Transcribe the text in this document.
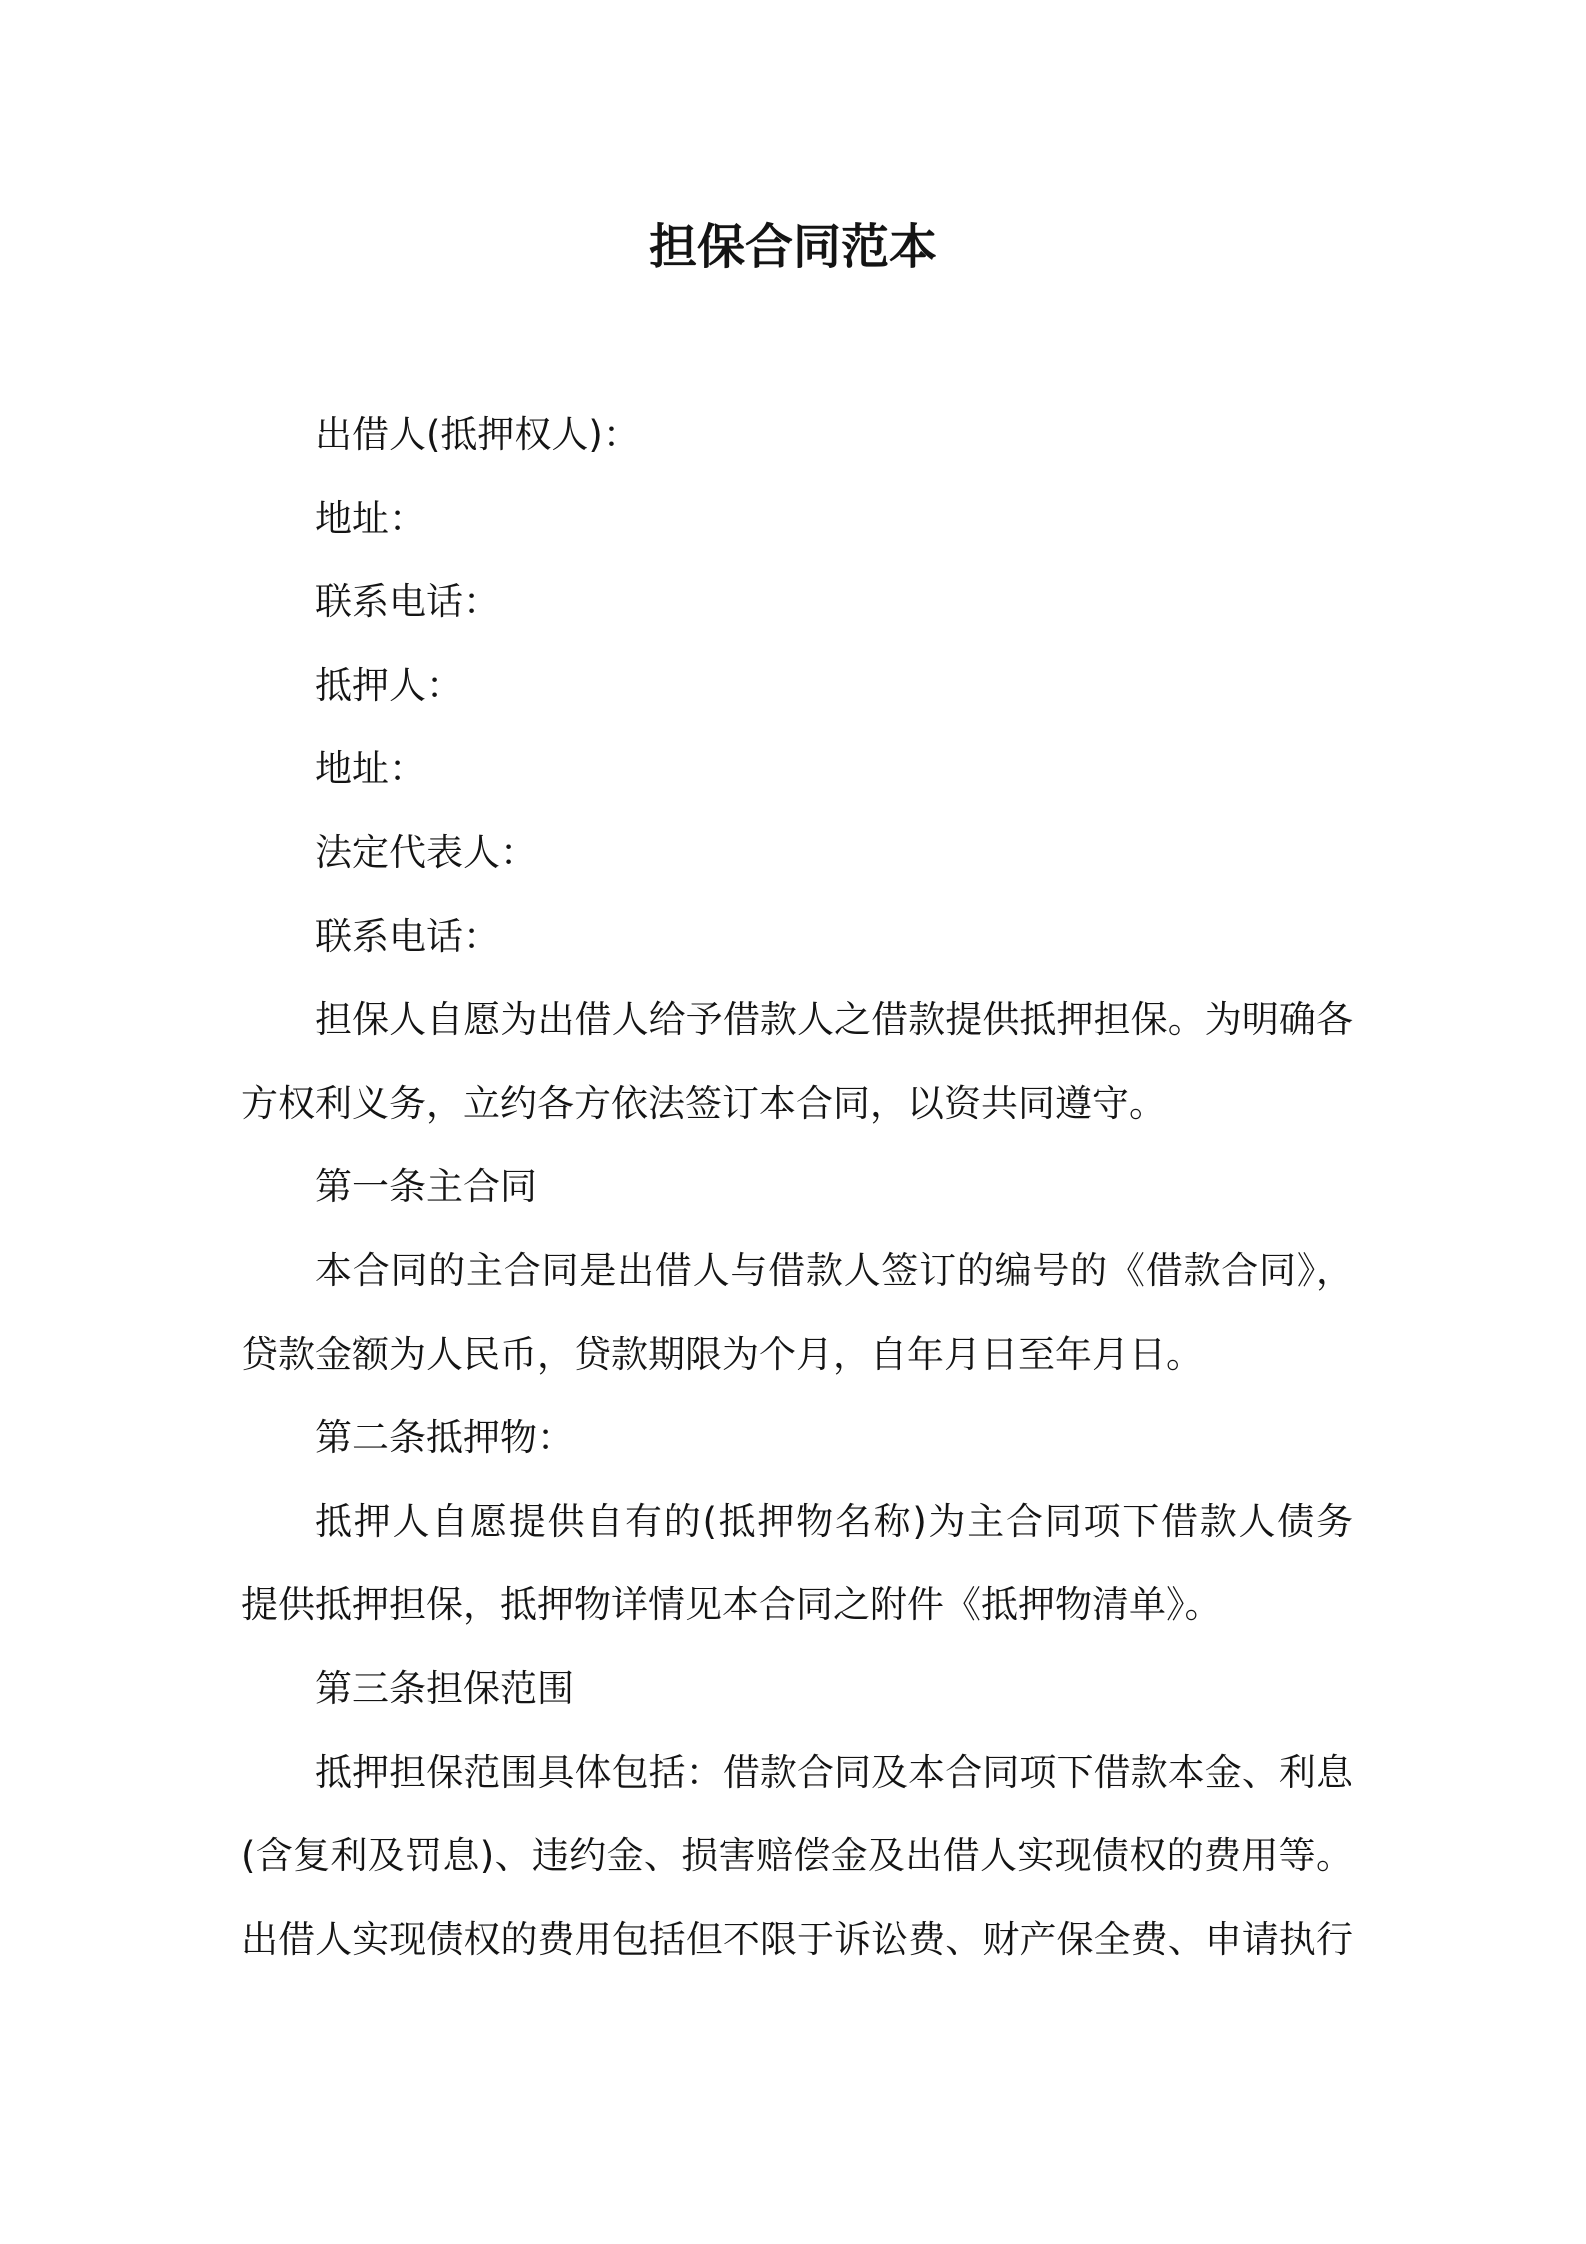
担保合同范本
出借人(抵押权人)：
地址：
联系电话：
抵押人：
地址：
法定代表人：
联系电话：
担保人自愿为出借人给予借款人之借款提供抵押担保。为明确各
方权利义务，立约各方依法签订本合同，以资共同遵守。
第一条主合同
本合同的主合同是出借人与借款人签订的编号的《借款合同》，
贷款金额为人民币，贷款期限为个月，自年月日至年月日。
第二条抵押物：
抵押人自愿提供自有的(抵押物名称)为主合同项下借款人债务
提供抵押担保，抵押物详情见本合同之附件《抵押物清单》。
第三条担保范围
抵押担保范围具体包括：借款合同及本合同项下借款本金、利息
(含复利及罚息)、违约金、损害赔偿金及出借人实现债权的费用等。
出借人实现债权的费用包括但不限于诉讼费、财产保全费、申请执行
